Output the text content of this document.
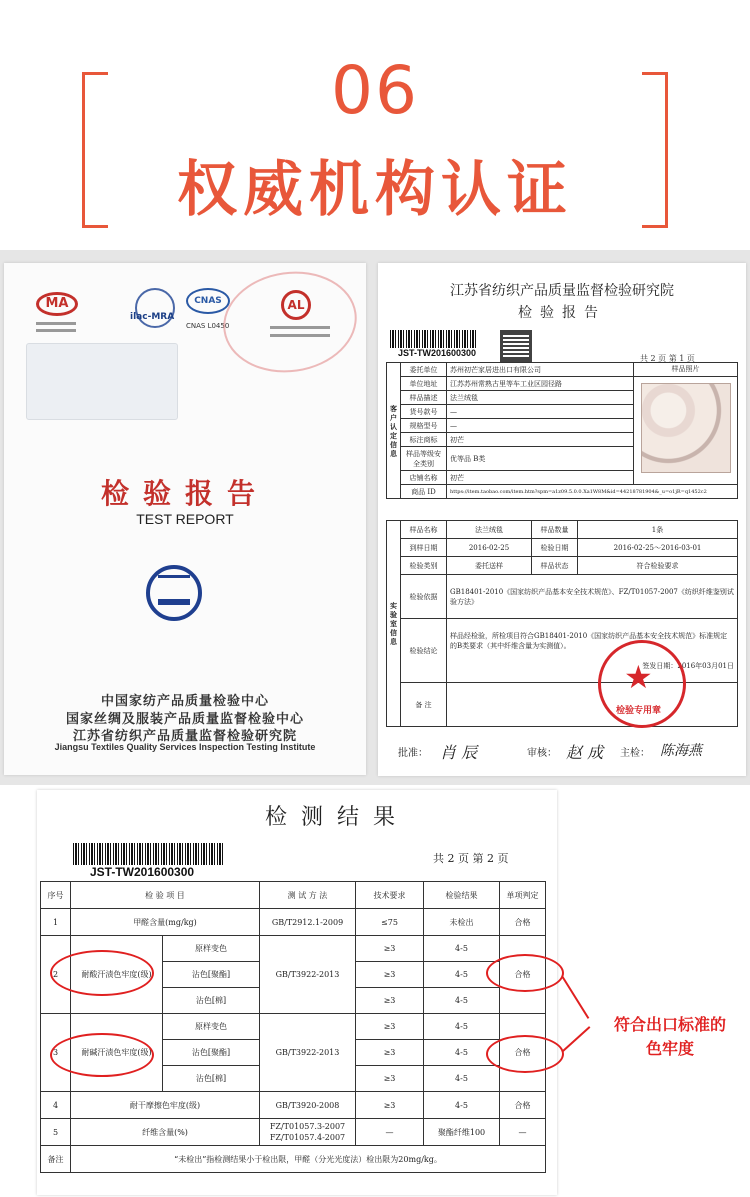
06
权威机构认证
MA
ilac-MRA
CNAS
CNAS L0450
AL
检验报告
TEST REPORT
中国家纺产品质量检验中心
国家丝绸及服装产品质量监督检验中心
江苏省纺织产品质量监督检验研究院
Jiangsu Textiles Quality Services Inspection Testing Institute
江苏省纺织产品质量监督检验研究院
检验报告
JST-TW201600300
共 2 页 第 1 页
客户认定信息	委托单位	苏州初芒家居进出口有限公司	样品照片

	单位地址	江苏苏州常熟古里等车工业区园径路	
	样品描述	法兰绒毯	
	货号款号	—	
	规格型号	—	
	标注商标	初芒	
	样品等级安全类别	优等品 B类	
	店铺名称	初芒	
	商品 ID	https://item.taobao.com/item.htm?spm=a1z09.5.0.0.Xa1W8M&id=44218781904&_u=o1jR=q1452c2	
实验室信息	样品名称	法兰绒毯	样品数量	1条
	到样日期	2016-02-25	检验日期	2016-02-25～2016-03-01
	检验类别	委托送样	样品状态	符合检验要求
	检验依据	GB18401-2010《国家纺织产品基本安全技术规范》、FZ/T01057-2007《纺织纤维鉴别试验方法》		
	检验结论	样品经检验，所检项目符合GB18401-2010《国家纺织产品基本安全技术规范》标准规定的B类要求（其中纤维含量为实测值）。
签发日期：2016年03月01日		

	备 注			
★
检验专用章
批准： 肖 辰	审核： 赵 成 主检： 陈海燕
检测结果
JST-TW201600300
共 2 页 第 2 页
序号	检 验 项 目		测 试 方 法	技术要求	检验结果	单项判定
1	甲醛含量(mg/kg)		GB/T2912.1-2009	≤75	未检出	合格
2	耐酸汗渍色牢度(级)	原样变色	GB/T3922-2013	≥3	4-5	合格
		沾色[聚酯]		≥3	4-5	
		沾色[棉]		≥3	4-5	
3	耐碱汗渍色牢度(级)	原样变色	GB/T3922-2013	≥3	4-5	合格
		沾色[聚酯]		≥3	4-5	
		沾色[棉]		≥3	4-5	
4	耐干摩擦色牢度(级)		GB/T3920-2008	≥3	4-5	合格
5	纤维含量(%)		FZ/T01057.3-2007
FZ/T01057.4-2007	—	聚酯纤维100	—
备注	“未检出”指检测结果小于检出限，甲醛（分光光度法）检出限为20mg/kg。					
符合出口标准的
色牢度
